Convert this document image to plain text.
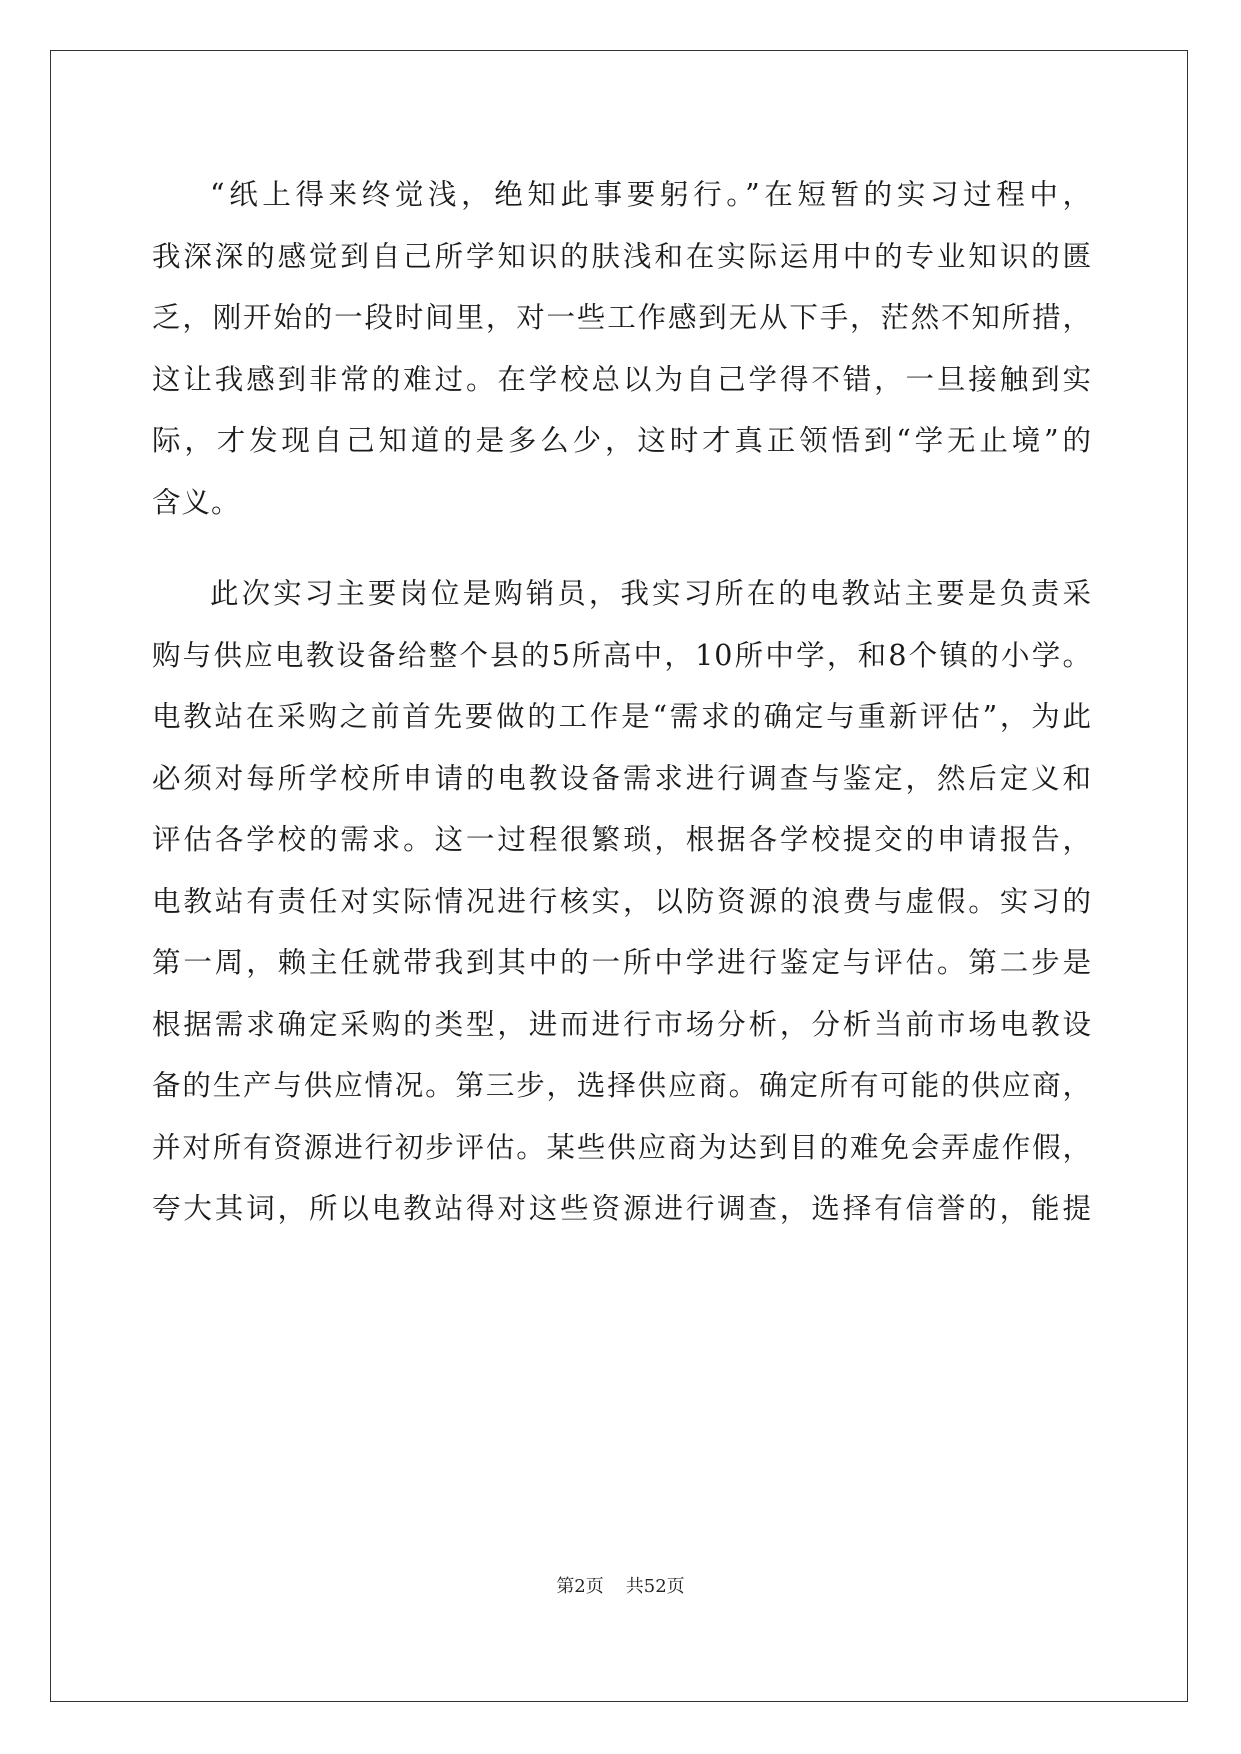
“纸上得来终觉浅，绝知此事要躬行。”在短暂的实习过程中，
我深深的感觉到自己所学知识的肤浅和在实际运用中的专业知识的匮
乏，刚开始的一段时间里，对一些工作感到无从下手，茫然不知所措，
这让我感到非常的难过。在学校总以为自己学得不错，一旦接触到实
际，才发现自己知道的是多么少，这时才真正领悟到“学无止境”的
含义。
此次实习主要岗位是购销员，我实习所在的电教站主要是负责采
购与供应电教设备给整个县的5所高中，10所中学，和8个镇的小学。
电教站在采购之前首先要做的工作是“需求的确定与重新评估”，为此
必须对每所学校所申请的电教设备需求进行调查与鉴定，然后定义和
评估各学校的需求。这一过程很繁琐，根据各学校提交的申请报告，
电教站有责任对实际情况进行核实，以防资源的浪费与虚假。实习的
第一周，赖主任就带我到其中的一所中学进行鉴定与评估。第二步是
根据需求确定采购的类型，进而进行市场分析，分析当前市场电教设
备的生产与供应情况。第三步，选择供应商。确定所有可能的供应商，
并对所有资源进行初步评估。某些供应商为达到目的难免会弄虚作假，
夸大其词，所以电教站得对这些资源进行调查，选择有信誉的，能提
第2页 共52页
